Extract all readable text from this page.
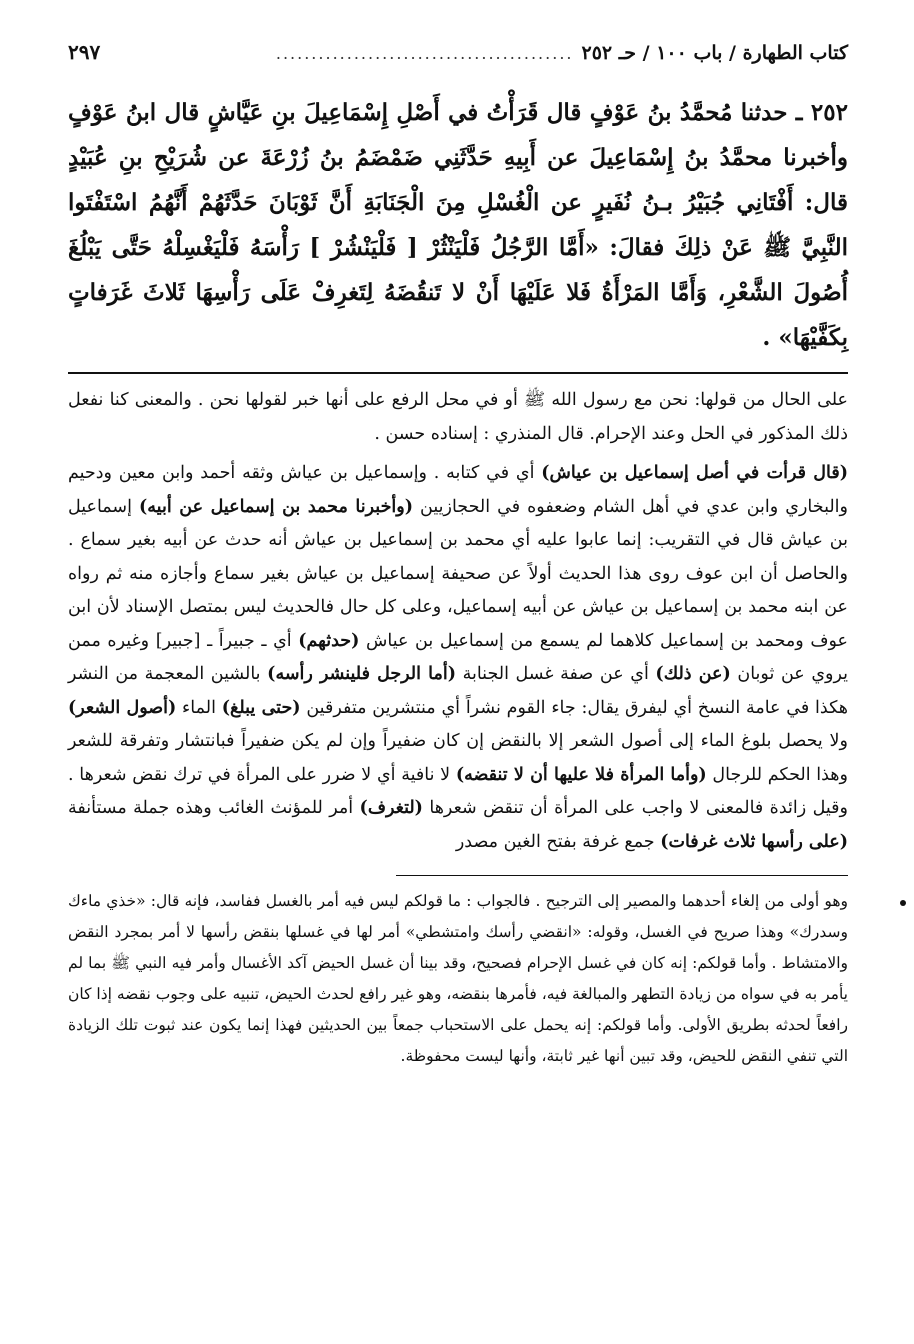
كتاب الطهارة / باب ١٠٠ / حـ ٢٥٢
..........................................
٢٩٧
٢٥٢ ـ حدثنا مُحمَّدُ بنُ عَوْفٍ قال قَرَأْتُ في أَصْلِ إِسْمَاعِيلَ بنِ عَيَّاشٍ قال ابنُ عَوْفٍ وأخبرنا محمَّدُ بنُ إِسْمَاعِيلَ عن أَبِيهِ حَدَّثَنِي ضَمْضَمُ بنُ زُرْعَةَ عن شُرَيْحِ بنِ عُبَيْدٍ قال: أَفْتَانِي جُبَيْرُ بـنُ نُفَيرٍ عن الْغُسْلِ مِنَ الْجَنَابَةِ أَنَّ ثَوْبَانَ حَدَّثَهُمْ أَنَّهُمُ اسْتَفْتَوا النَّبِيَّ ﷺ عَنْ ذلِكَ فقالَ: «أَمَّا الرَّجُلُ فَلْيَنْثُرْ [ فَلْيَنْشُرْ ] رَأْسَهُ فَلْيَغْسِلْهُ حَتَّى يَبْلُغَ أُصُولَ الشَّعْرِ، وَأَمَّا المَرْأَةُ فَلا عَلَيْهَا أَنْ لا تَنقُضَهُ لِتَغرِفْ عَلَى رَأْسِهَا ثَلاثَ غَرَفاتٍ بِكَفَّيْهَا» .

على الحال من قولها: نحن مع رسول الله ﷺ أو في محل الرفع على أنها خبر لقولها نحن . والمعنى كنا نفعل ذلك المذكور في الحل وعند الإحرام. قال المنذري : إسناده حسن .

(قال قرأت في أصل إسماعيل بن عياش) أي في كتابه . وإسماعيل بن عياش وثقه أحمد وابن معين ودحيم والبخاري وابن عدي في أهل الشام وضعفوه في الحجازيين (وأخبرنا محمد بن إسماعيل عن أبيه) إسماعيل بن عياش قال في التقريب: إنما عابوا عليه أي محمد بن إسماعيل بن عياش أنه حدث عن أبيه بغير سماع . والحاصل أن ابن عوف روى هذا الحديث أولاً عن صحيفة إسماعيل بن عياش بغير سماع وأجازه منه ثم رواه عن ابنه محمد بن إسماعيل بن عياش عن أبيه إسماعيل، وعلى كل حال فالحديث ليس بمتصل الإسناد لأن ابن عوف ومحمد بن إسماعيل كلاهما لم يسمع من إسماعيل بن عياش (حدثهم) أي ـ جبيراً ـ [جبير] وغيره ممن يروي عن ثوبان (عن ذلك) أي عن صفة غسل الجنابة (أما الرجل فلينشر رأسه) بالشين المعجمة من النشر هكذا في عامة النسخ أي ليفرق يقال: جاء القوم نشراً أي منتشرين متفرقين (حتى يبلغ) الماء (أصول الشعر) ولا يحصل بلوغ الماء إلى أصول الشعر إلا بالنقض إن كان ضفيراً وإن لم يكن ضفيراً فبانتشار وتفرقة للشعر وهذا الحكم للرجال (وأما المرأة فلا عليها أن لا تنقضه) لا نافية أي لا ضرر على المرأة في ترك نقض شعرها . وقيل زائدة فالمعنى لا واجب على المرأة أن تنقض شعرها (لتغرف) أمر للمؤنث الغائب وهذه جملة مستأنفة (على رأسها ثلاث غرفات) جمع غرفة بفتح الغين مصدر

وهو أولى من إلغاء أحدهما والمصير إلى الترجيح . فالجواب : ما قولكم ليس فيه أمر بالغسل ففاسد، فإنه قال: «خذي ماءك وسدرك» وهذا صريح في الغسل، وقوله: «انقضي رأسك وامتشطي» أمر لها في غسلها بنقض رأسها لا أمر بمجرد النقض والامتشاط . وأما قولكم: إنه كان في غسل الإحرام فصحيح، وقد بينا أن غسل الحيض آكد الأغسال وأمر فيه النبي ﷺ بما لم يأمر به في سواه من زيادة التطهر والمبالغة فيه، فأمرها بنقضه، وهو غير رافع لحدث الحيض، تنبيه على وجوب نقضه إذا كان رافعاً لحدثه بطريق الأولى. وأما قولكم: إنه يحمل على الاستحباب جمعاً بين الحديثين فهذا إنما يكون عند ثبوت تلك الزيادة التي تنفي النقض للحيض، وقد تبين أنها غير ثابتة، وأنها ليست محفوظة.
